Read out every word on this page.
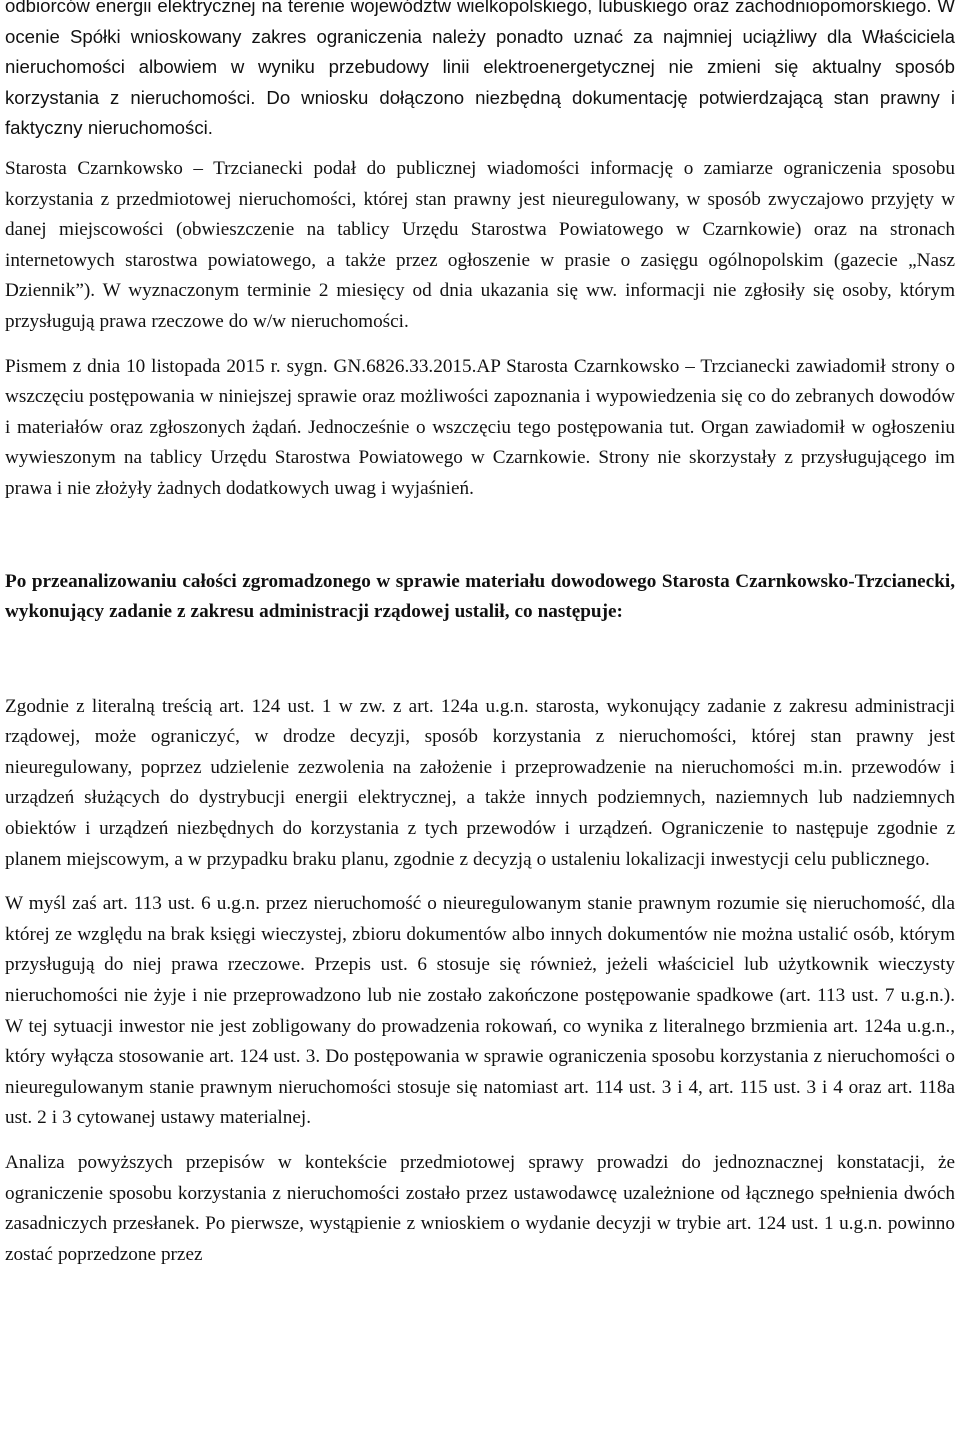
odbiorców energii elektrycznej na terenie województw wielkopolskiego, lubuskiego oraz zachodniopomorskiego. W ocenie Spółki wnioskowany zakres ograniczenia należy ponadto uznać za najmniej uciążliwy dla Właściciela nieruchomości albowiem w wyniku przebudowy linii elektroenergetycznej nie zmieni się aktualny sposób korzystania z nieruchomości. Do wniosku dołączono niezbędną dokumentację potwierdzającą stan prawny i faktyczny nieruchomości.

Starosta Czarnkowsko – Trzcianecki podał do publicznej wiadomości informację o zamiarze ograniczenia sposobu korzystania z przedmiotowej nieruchomości, której stan prawny jest nieuregulowany, w sposób zwyczajowo przyjęty w danej miejscowości (obwieszczenie na tablicy Urzędu Starostwa Powiatowego w Czarnkowie) oraz na stronach internetowych starostwa powiatowego, a także przez ogłoszenie w prasie o zasięgu ogólnopolskim (gazecie „Nasz Dziennik”). W wyznaczonym terminie 2 miesięcy od dnia ukazania się ww. informacji nie zgłosiły się osoby, którym przysługują prawa rzeczowe do w/w nieruchomości.

Pismem z dnia 10 listopada 2015 r. sygn. GN.6826.33.2015.AP Starosta Czarnkowsko – Trzcianecki zawiadomił strony o wszczęciu postępowania w niniejszej sprawie oraz możliwości zapoznania i wypowiedzenia się co do zebranych dowodów i materiałów oraz zgłoszonych żądań. Jednocześnie o wszczęciu tego postępowania tut. Organ zawiadomił w ogłoszeniu wywieszonym na tablicy Urzędu Starostwa Powiatowego w Czarnkowie. Strony nie skorzystały z przysługującego im prawa i nie złożyły żadnych dodatkowych uwag i wyjaśnień.

Po przeanalizowaniu całości zgromadzonego w sprawie materiału dowodowego Starosta Czarnkowsko-Trzcianecki, wykonujący zadanie z zakresu administracji rządowej ustalił, co następuje:

Zgodnie z literalną treścią art. 124 ust. 1 w zw. z art. 124a u.g.n. starosta, wykonujący zadanie z zakresu administracji rządowej, może ograniczyć, w drodze decyzji, sposób korzystania z nieruchomości, której stan prawny jest nieuregulowany, poprzez udzielenie zezwolenia na założenie i przeprowadzenie na nieruchomości m.in. przewodów i urządzeń służących do dystrybucji energii elektrycznej, a także innych podziemnych, naziemnych lub nadziemnych obiektów i urządzeń niezbędnych do korzystania z tych przewodów i urządzeń. Ograniczenie to następuje zgodnie z planem miejscowym, a w przypadku braku planu, zgodnie z decyzją o ustaleniu lokalizacji inwestycji celu publicznego.

W myśl zaś art. 113 ust. 6 u.g.n. przez nieruchomość o nieuregulowanym stanie prawnym rozumie się nieruchomość, dla której ze względu na brak księgi wieczystej, zbioru dokumentów albo innych dokumentów nie można ustalić osób, którym przysługują do niej prawa rzeczowe. Przepis ust. 6 stosuje się również, jeżeli właściciel lub użytkownik wieczysty nieruchomości nie żyje i nie przeprowadzono lub nie zostało zakończone postępowanie spadkowe (art. 113 ust. 7 u.g.n.). W tej sytuacji inwestor nie jest zobligowany do prowadzenia rokowań, co wynika z literalnego brzmienia art. 124a u.g.n., który wyłącza stosowanie art. 124 ust. 3. Do postępowania w sprawie ograniczenia sposobu korzystania z nieruchomości o nieuregulowanym stanie prawnym nieruchomości stosuje się natomiast art. 114 ust. 3 i 4, art. 115 ust. 3 i 4 oraz art. 118a ust. 2 i 3 cytowanej ustawy materialnej.

Analiza powyższych przepisów w kontekście przedmiotowej sprawy prowadzi do jednoznacznej konstatacji, że ograniczenie sposobu korzystania z nieruchomości zostało przez ustawodawcę uzależnione od łącznego spełnienia dwóch zasadniczych przesłanek. Po pierwsze, wystąpienie z wnioskiem o wydanie decyzji w trybie art. 124 ust. 1 u.g.n. powinno zostać poprzedzone przez
